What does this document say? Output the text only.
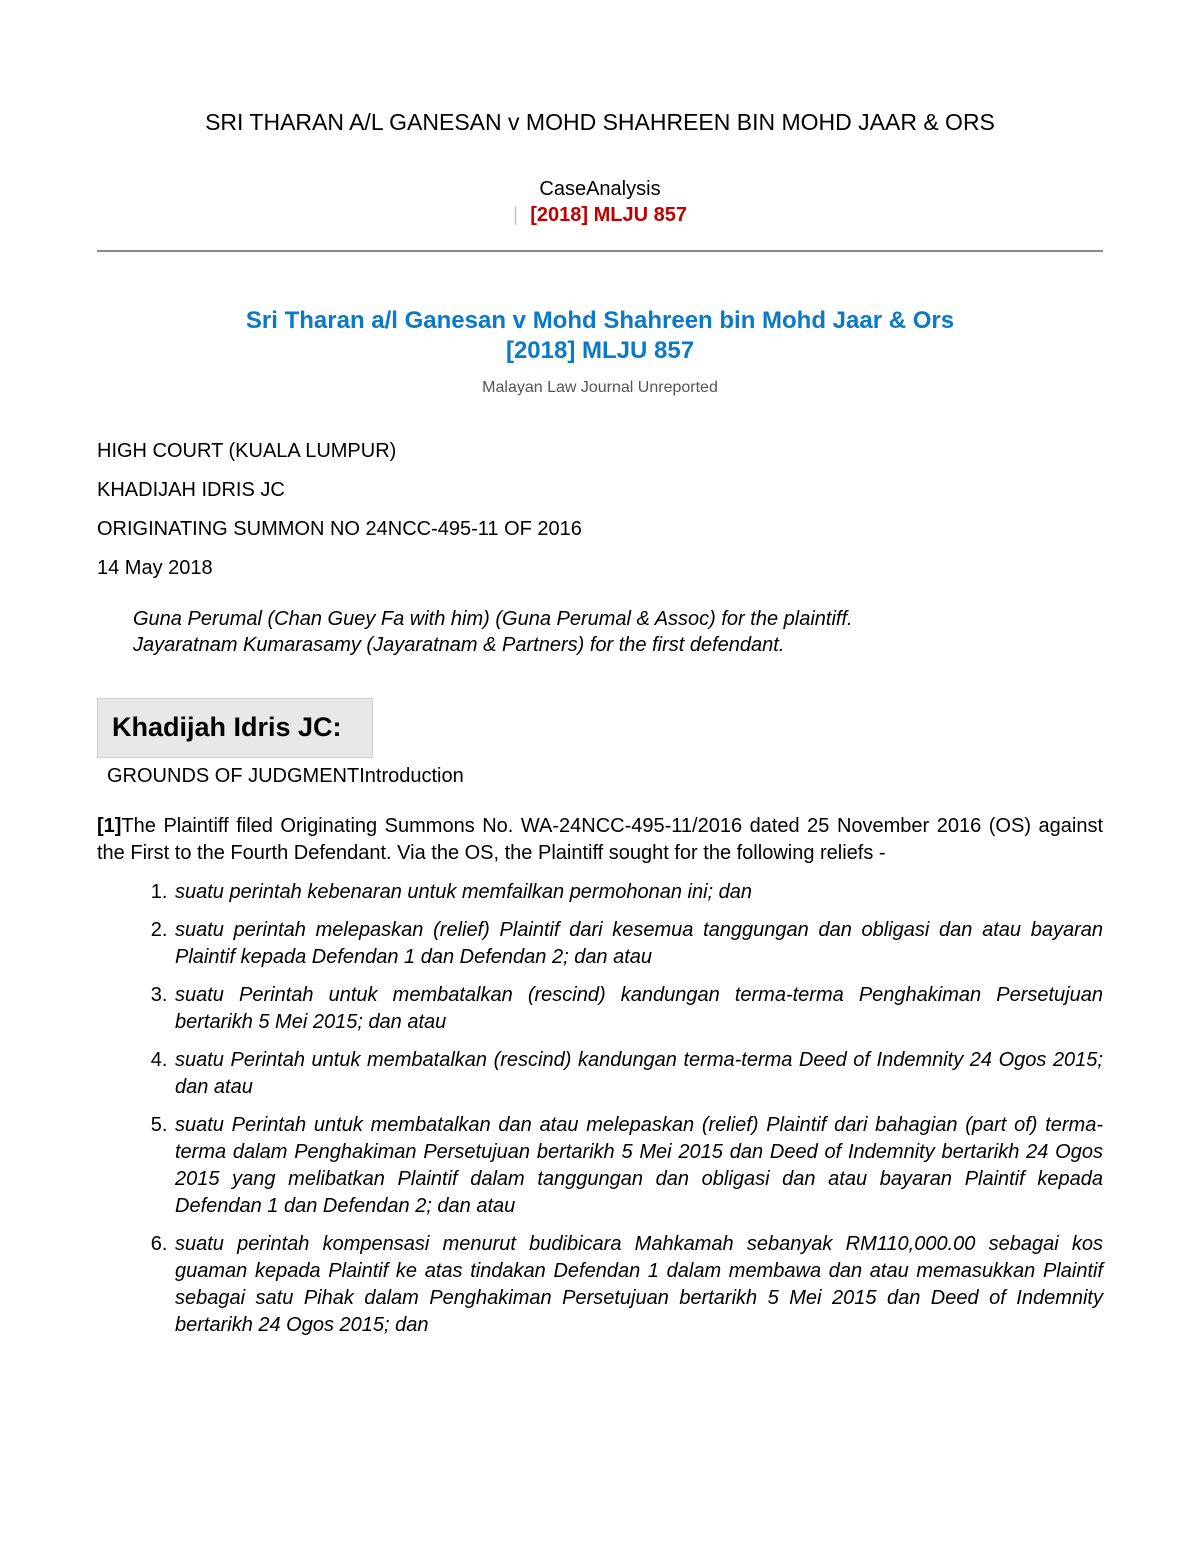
SRI THARAN A/L GANESAN v MOHD SHAHREEN BIN MOHD JAAR & ORS
CaseAnalysis
| [2018] MLJU 857
Sri Tharan a/l Ganesan v Mohd Shahreen bin Mohd Jaar & Ors
[2018] MLJU 857
Malayan Law Journal Unreported
HIGH COURT (KUALA LUMPUR)
KHADIJAH IDRIS JC
ORIGINATING SUMMON NO 24NCC-495-11 OF 2016
14 May 2018
Guna Perumal (Chan Guey Fa with him) (Guna Perumal & Assoc) for the plaintiff.
Jayaratnam Kumarasamy (Jayaratnam & Partners) for the first defendant.
Khadijah Idris JC:
GROUNDS OF JUDGMENTIntroduction
[1]The Plaintiff filed Originating Summons No. WA-24NCC-495-11/2016 dated 25 November 2016 (OS) against the First to the Fourth Defendant. Via the OS, the Plaintiff sought for the following reliefs -
1. suatu perintah kebenaran untuk memfailkan permohonan ini; dan
2. suatu perintah melepaskan (relief) Plaintif dari kesemua tanggungan dan obligasi dan atau bayaran Plaintif kepada Defendan 1 dan Defendan 2; dan atau
3. suatu Perintah untuk membatalkan (rescind) kandungan terma-terma Penghakiman Persetujuan bertarikh 5 Mei 2015; dan atau
4. suatu Perintah untuk membatalkan (rescind) kandungan terma-terma Deed of Indemnity 24 Ogos 2015; dan atau
5. suatu Perintah untuk membatalkan dan atau melepaskan (relief) Plaintif dari bahagian (part of) terma-terma dalam Penghakiman Persetujuan bertarikh 5 Mei 2015 dan Deed of Indemnity bertarikh 24 Ogos 2015 yang melibatkan Plaintif dalam tanggungan dan obligasi dan atau bayaran Plaintif kepada Defendan 1 dan Defendan 2; dan atau
6. suatu perintah kompensasi menurut budibicara Mahkamah sebanyak RM110,000.00 sebagai kos guaman kepada Plaintif ke atas tindakan Defendan 1 dalam membawa dan atau memasukkan Plaintif sebagai satu Pihak dalam Penghakiman Persetujuan bertarikh 5 Mei 2015 dan Deed of Indemnity bertarikh 24 Ogos 2015; dan
